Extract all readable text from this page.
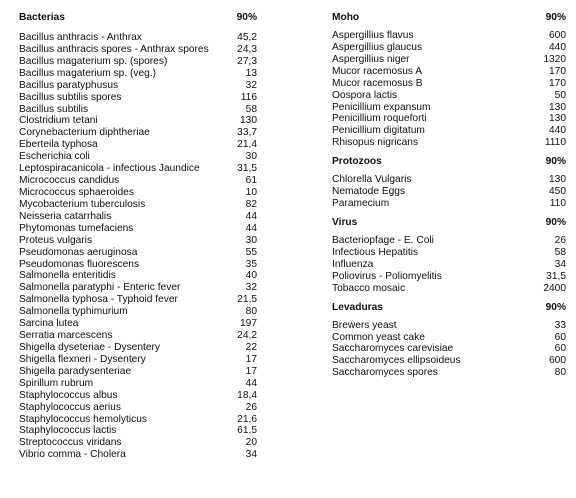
Bacterias	90%
Bacillus anthracis - Anthrax	45,2
Bacillus anthracis spores - Anthrax spores	24,3
Bacillus magaterium sp. (spores)	27,3
Bacillus magaterium sp. (veg.)	13
Bacillus paratyphusus	32
Bacillus subtilis spores	116
Bacillus subtilis	58
Clostridium tetani	130
Corynebacterium diphtheriae	33,7
Eberteila typhosa	21,4
Escherichia coli	30
Leptospiracanicola - infectious Jaundice	31,5
Micrococcus candidus	61
Micrococcus sphaeroides	10
Mycobacterium tuberculosis	82
Neisseria catarrhalis	44
Phytomonas tumefaciens	44
Proteus vulgaris	30
Pseudomonas aeruginosa	55
Pseudomonas fluorescens	35
Salmonella enteritidis	40
Salmonella paratyphi - Enteric fever	32
Salmonella typhosa - Typhoid fever	21,5
Salmonella typhimurium	80
Sarcina lutea	197
Serratia marcescens	24,2
Shigella dyseteriae - Dysentery	22
Shigella flexneri - Dysentery	17
Shigella paradysenteriae	17
Spirillum rubrum	44
Staphylococcus albus	18,4
Staphylococcus aerius	26
Staphylococcus hemolyticus	21,6
Staphylococcus lactis	61,5
Streptococcus viridans	20
Vibrio comma - Cholera	34
Moho	90%
Aspergillius flavus	600
Aspergillius glaucus	440
Aspergillius niger	1320
Mucor racemosus A	170
Mucor racemosus B	170
Oospora lactis	50
Penicillium expansum	130
Penicillium roqueforti	130
Penicillium digitatum	440
Rhisopus nigricans	1110
Protozoos	90%
Chlorella Vulgaris	130
Nematode Eggs	450
Paramecium	110
Virus	90%
Bacteriopfage - E. Coli	26
Infectious Hepatitis	58
Influenza	34
Poliovirus - Poliomyelitis	31,5
Tobacco mosaic	2400
Levaduras	90%
Brewers yeast	33
Common yeast cake	60
Saccharomyces carevisiae	60
Saccharomyces ellipsoideus	600
Saccharomyces spores	80
